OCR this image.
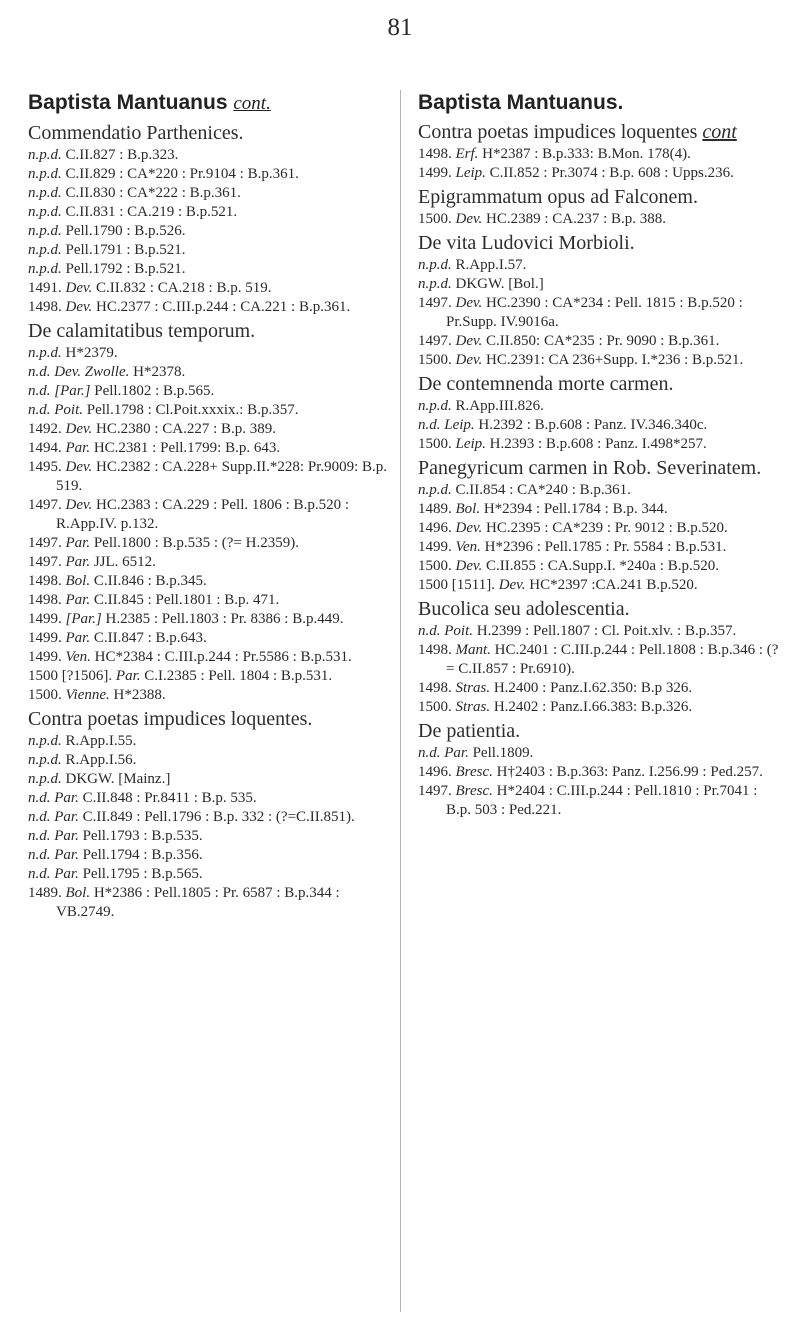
81
Baptista Mantuanus cont.
Commendatio Parthenices.

n.p.d. C.II.827 : B.p.323.

n.p.d. C.II.829 : CA*220 : Pr.9104 : B.p.361.

n.p.d. C.II.830 : CA*222 : B.p.361.

n.p.d. C.II.831 : CA.219 : B.p.521.

n.p.d. Pell.1790 : B.p.526.

n.p.d. Pell.1791 : B.p.521.

n.p.d. Pell.1792 : B.p.521.

1491. Dev. C.II.832 : CA.218 : B.p. 519.

1498. Dev. HC.2377 : C.III.p.244 : CA.221 : B.p.361.

De calamitatibus temporum.

n.p.d. H*2379.

n.d. Dev. Zwolle. H*2378.

n.d. [Par.] Pell.1802 : B.p.565.

n.d. Poit. Pell.1798 : Cl.Poit.xxxix.: B.p.357.

1492. Dev. HC.2380 : CA.227 : B.p. 389.

1494. Par. HC.2381 : Pell.1799: B.p. 643.

1495. Dev. HC.2382 : CA.228+ Supp.II.*228: Pr.9009: B.p. 519.

1497. Dev. HC.2383 : CA.229 : Pell. 1806 : B.p.520 : R.App.IV. p.132.

1497. Par. Pell.1800 : B.p.535 : (?= H.2359).

1497. Par. JJL. 6512.

1498. Bol. C.II.846 : B.p.345.

1498. Par. C.II.845 : Pell.1801 : B.p. 471.

1499. [Par.] H.2385 : Pell.1803 : Pr. 8386 : B.p.449.

1499. Par. C.II.847 : B.p.643.

1499. Ven. HC*2384 : C.III.p.244 : Pr.5586 : B.p.531.

1500 [?1506]. Par. C.I.2385 : Pell. 1804 : B.p.531.

1500. Vienne. H*2388.

Contra poetas impudices loquentes.

n.p.d. R.App.I.55.

n.p.d. R.App.I.56.

n.p.d. DKGW. [Mainz.]

n.d. Par. C.II.848 : Pr.8411 : B.p. 535.

n.d. Par. C.II.849 : Pell.1796 : B.p. 332 : (?=C.II.851).

n.d. Par. Pell.1793 : B.p.535.

n.d. Par. Pell.1794 : B.p.356.

n.d. Par. Pell.1795 : B.p.565.

1489. Bol. H*2386 : Pell.1805 : Pr. 6587 : B.p.344 : VB.2749.

Baptista Mantuanus.
Contra poetas impudices loquentes cont

1498. Erf. H*2387 : B.p.333: B.Mon. 178(4).

1499. Leip. C.II.852 : Pr.3074 : B.p. 608 : Upps.236.

Epigrammatum opus ad Falconem.

1500. Dev. HC.2389 : CA.237 : B.p. 388.

De vita Ludovici Morbioli.

n.p.d. R.App.I.57.

n.p.d. DKGW. [Bol.]

1497. Dev. HC.2390 : CA*234 : Pell. 1815 : B.p.520 : Pr.Supp. IV.9016a.

1497. Dev. C.II.850: CA*235 : Pr. 9090 : B.p.361.

1500. Dev. HC.2391: CA 236+Supp. I.*236 : B.p.521.

De contemnenda morte carmen.

n.p.d. R.App.III.826.

n.d. Leip. H.2392 : B.p.608 : Panz. IV.346.340c.

1500. Leip. H.2393 : B.p.608 : Panz. I.498*257.

Panegyricum carmen in Rob. Severinatem.

n.p.d. C.II.854 : CA*240 : B.p.361.

1489. Bol. H*2394 : Pell.1784 : B.p. 344.

1496. Dev. HC.2395 : CA*239 : Pr. 9012 : B.p.520.

1499. Ven. H*2396 : Pell.1785 : Pr. 5584 : B.p.531.

1500. Dev. C.II.855 : CA.Supp.I. *240a : B.p.520.

1500 [1511]. Dev. HC*2397 :CA.241 B.p.520.

Bucolica seu adolescentia.

n.d. Poit. H.2399 : Pell.1807 : Cl. Poit.xlv. : B.p.357.

1498. Mant. HC.2401 : C.III.p.244 : Pell.1808 : B.p.346 : (?= C.II.857 : Pr.6910).

1498. Stras. H.2400 : Panz.I.62.350: B.p 326.

1500. Stras. H.2402 : Panz.I.66.383: B.p.326.

De patientia.

n.d. Par. Pell.1809.

1496. Bresc. H†2403 : B.p.363: Panz. I.256.99 : Ped.257.

1497. Bresc. H*2404 : C.III.p.244 : Pell.1810 : Pr.7041 : B.p. 503 : Ped.221.
